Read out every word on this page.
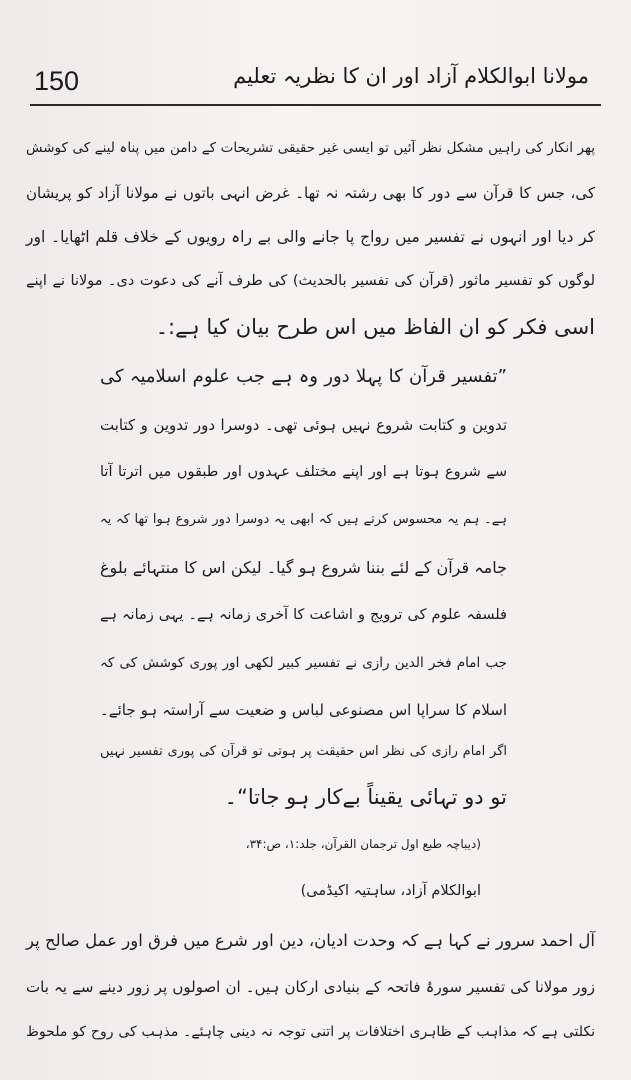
150	مولانا ابوالکلام آزاد اور ان کا نظریہ تعلیم
پھر انکار کی راہیں مشکل نظر آئیں تو ایسی غیر حقیقی تشریحات کے دامن میں پناہ لینے کی کوشش
کی، جس کا قرآن سے دور کا بھی رشتہ نہ تھا۔ غرض انہی باتوں نے مولانا آزاد کو پریشان
کر دیا اور انہوں نے تفسیر میں رواج پا جانے والی بے راہ رویوں کے خلاف قلم اٹھایا۔ اور
لوگوں کو تفسیر ماثور (قرآن کی تفسیر بالحدیث) کی طرف آنے کی دعوت دی۔ مولانا نے اپنے
اسی فکر کو ان الفاظ میں اس طرح بیان کیا ہے:۔
”تفسیر قرآن کا پہلا دور وہ ہے جب علوم اسلامیہ کی
تدوین و کتابت شروع نہیں ہوئی تھی۔ دوسرا دور تدوین و کتابت
سے شروع ہوتا ہے اور اپنے مختلف عہدوں اور طبقوں میں اترتا آتا
ہے۔ ہم یہ محسوس کرتے ہیں کہ ابھی یہ دوسرا دور شروع ہوا تھا کہ یہ
جامہ قرآن کے لئے بننا شروع ہو گیا۔ لیکن اس کا منتہائے بلوغ
فلسفہ علوم کی ترویج و اشاعت کا آخری زمانہ ہے۔ یہی زمانہ ہے
جب امام فخر الدین رازی نے تفسیر کبیر لکھی اور پوری کوشش کی کہ
اسلام کا سراپا اس مصنوعی لباس و ضعیت سے آراستہ ہو جائے۔
اگر امام رازی کی نظر اس حقیقت پر ہوتی تو قرآن کی پوری تفسیر نہیں
تو دو تہائی یقیناً بےکار ہو جاتا“۔
(دیباچہ طبع اول ترجمان القرآن، جلد:۱، ص:۳۴،
ابوالکلام آزاد، ساہتیہ اکیڈمی)
آل احمد سرور نے کہا ہے کہ وحدت ادیان، دین اور شرع میں فرق اور عمل صالح پر
زور مولانا کی تفسیر سورۂ فاتحہ کے بنیادی ارکان ہیں۔ ان اصولوں پر زور دینے سے یہ بات
نکلتی ہے کہ مذاہب کے ظاہری اختلافات پر اتنی توجہ نہ دینی چاہئے۔ مذہب کی روح کو ملحوظ
